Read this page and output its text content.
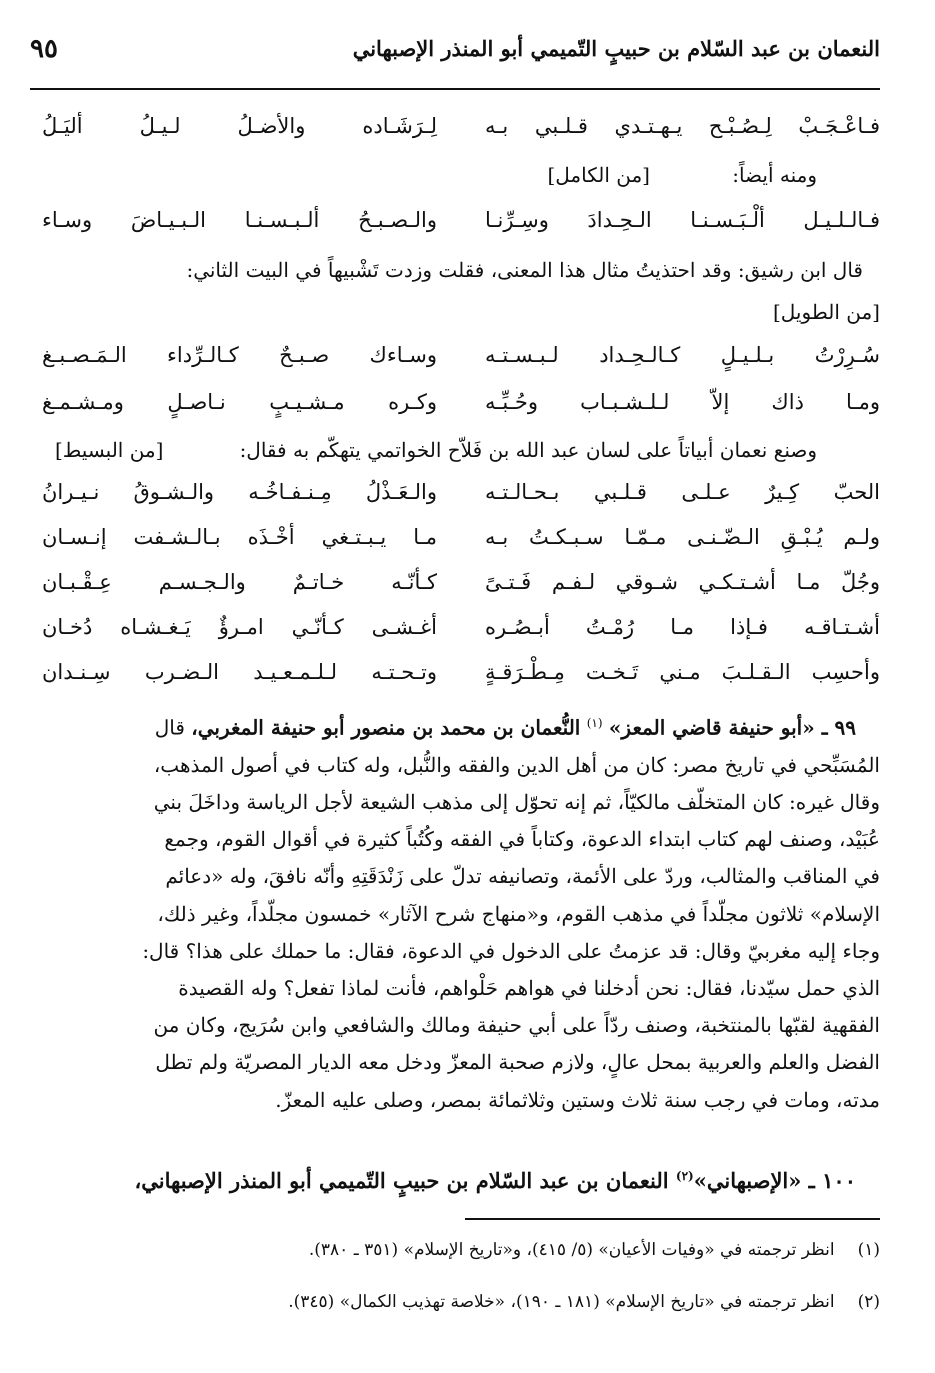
٩٥	النعمان بن عبد السّلام بن حبيبٍ التّميمي أبو المنذر الإصبهاني
فـاعْـجَـبْ لِـصُـبْـح يـهـتـدي قـلـبي بـه
لِـرَشَـاده والأضـلُ لـيـلُ أليَـلُ
ومنه أيضاً:
[من الكامل]
فـالـلـيـل ألْـبَـسـنـا الـحِـدادَ وسِـرِّنـا
والـصـبـحُ ألـبـسـنـا الـبـيـاضَ وسـاء
قال ابن رشيق: وقد احتذيتُ مثال هذا المعنى، فقلت وزدت تَشْبيهاً في البيت الثاني:
[من الطويل]
سُـرِرْتُ بـلـيـلٍ كـالـحِـداد لـبـسـتـه
وسـاءك صـبـحٌ كـالـرِّداء الـمَـصـبـغ
ومـا ذاك إلاّ لـلـشـبـاب وحُـبِّـه
وكـره مـشـيـبٍ نـاصـلٍ ومـشـمـغ
وصنع نعمان أبياتاً على لسان عبد الله بن فَلاّح الخواتمي يتهكّم به فقال:
[من البسيط]
الحبّ كِـيرٌ عـلـى قـلـبي بـحـالـتـه
والـعَـذْلُ مِـنـفـاخُـه والـشـوقُ نـيـرانُ
ولـم يُـبْـقِ الـضّـنـى مـمّـا سـبـكـتُ بـه
مـا يـبـتـغي أخْـذَه بـالـشـفت إنـسـان
وجُلّ مـا أشـتـكـي شـوقي لـفـم فَـتـىً
كـأنّـه خـاتـمٌ والـجـسـم عِـقْـبـان
أشـتـاقـه فـإذا مـا رُمْـتُ أبـصُـره
أغـشـى كـأنّـي امـرؤٌ يَـغـشـاه دُخـان
وأحسِب الـقـلـبَ مـني تَـخـت مِـطْـرَقـةٍ
وتـحـتـه لـلـمـعـيـد الـضـرب سِـنـدان
٩٩ ـ «أبو حنيفة قاضي المعز» $^{(١)}$ النُّعمان بن محمد بن منصور أبو حنيفة المغربي، قال
المُسَبِّحي في تاريخ مصر: كان من أهل الدين والفقه والنُّبل، وله كتاب في أصول المذهب،
وقال غيره: كان المتخلّف مالكيّاً، ثم إنه تحوّل إلى مذهب الشيعة لأجل الرياسة وداخَلَ بني
عُبَيْد، وصنف لهم كتاب ابتداء الدعوة، وكتاباً في الفقه وكُتُباً كثيرة في أقوال القوم، وجمع
في المناقب والمثالب، وردّ على الأئمة، وتصانيفه تدلّ على زَنْدَقَتِهِ وأنّه نافقَ، وله «دعائم
الإسلام» ثلاثون مجلّداً في مذهب القوم، و«منهاج شرح الآثار» خمسون مجلّداً، وغير ذلك،
وجاء إليه مغربيّ وقال: قد عزمتُ على الدخول في الدعوة، فقال: ما حملك على هذا؟ قال:
الذي حمل سيّدنا، فقال: نحن أدخلنا في هواهم حَلْواهم، فأنت لماذا تفعل؟ وله القصيدة
الفقهية لقبّها بالمنتخبة، وصنف ردّاً على أبي حنيفة ومالك والشافعي وابن سُرَيج، وكان من
الفضل والعلم والعربية بمحل عالٍ، ولازم صحبة المعزّ ودخل معه الديار المصريّة ولم تطل
مدته، ومات في رجب سنة ثلاث وستين وثلاثمائة بمصر، وصلى عليه المعزّ.
١٠٠ ـ «الإصبهاني»$^{(٢)}$ النعمان بن عبد السّلام بن حبيبٍ التّميمي أبو المنذر الإصبهاني،
(١) انظر ترجمته في «وفيات الأعيان» (٥/ ٤١٥)، و«تاريخ الإسلام» (٣٥١ ـ ٣٨٠).
(٢) انظر ترجمته في «تاريخ الإسلام» (١٨١ ـ ١٩٠)، «خلاصة تهذيب الكمال» (٣٤٥).
